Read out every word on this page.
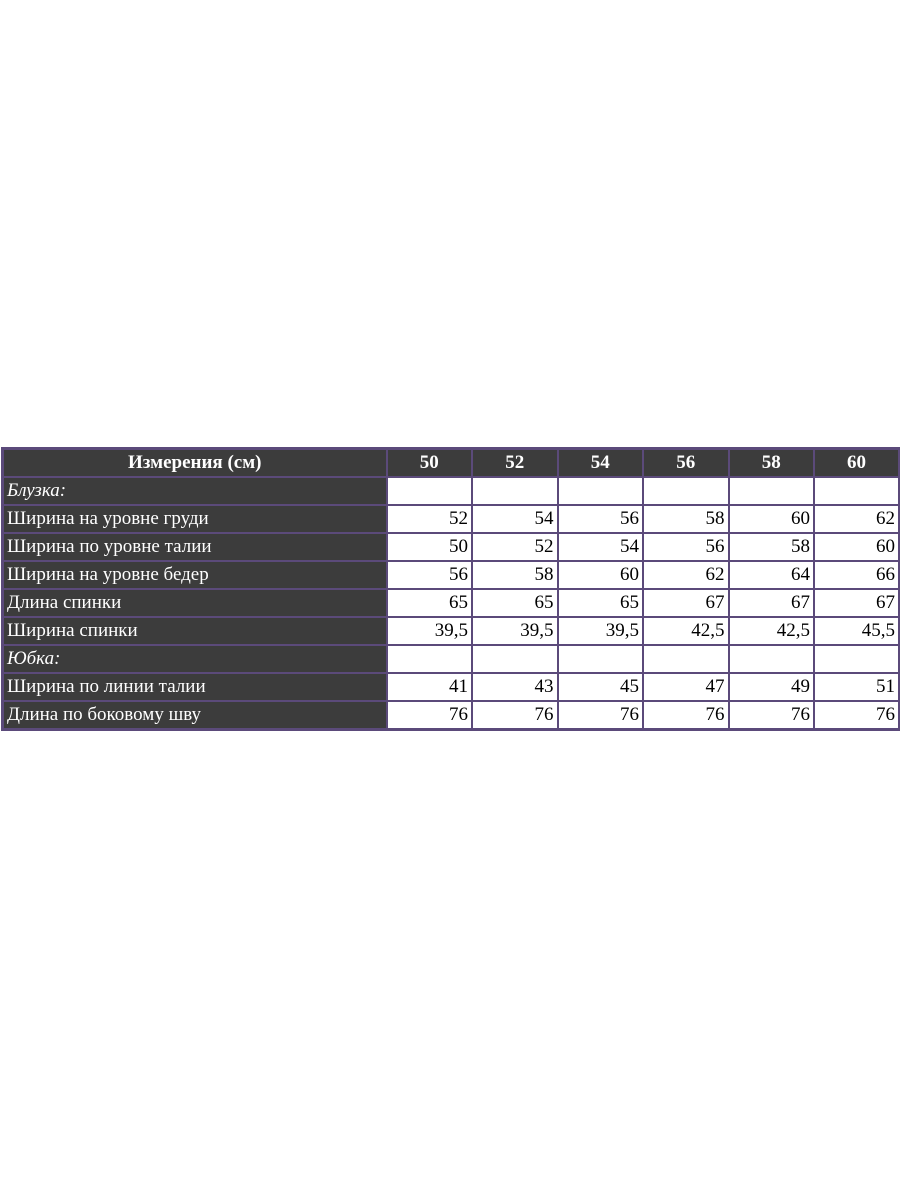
Измерения (см)	50	52	54	56	58	60
Блузка:						
Ширина на уровне груди	52	54	56	58	60	62
Ширина по уровне талии	50	52	54	56	58	60
Ширина на уровне бедер	56	58	60	62	64	66
Длина спинки	65	65	65	67	67	67
Ширина спинки	39,5	39,5	39,5	42,5	42,5	45,5
Юбка:						
Ширина по линии талии	41	43	45	47	49	51
Длина по боковому шву	76	76	76	76	76	76
